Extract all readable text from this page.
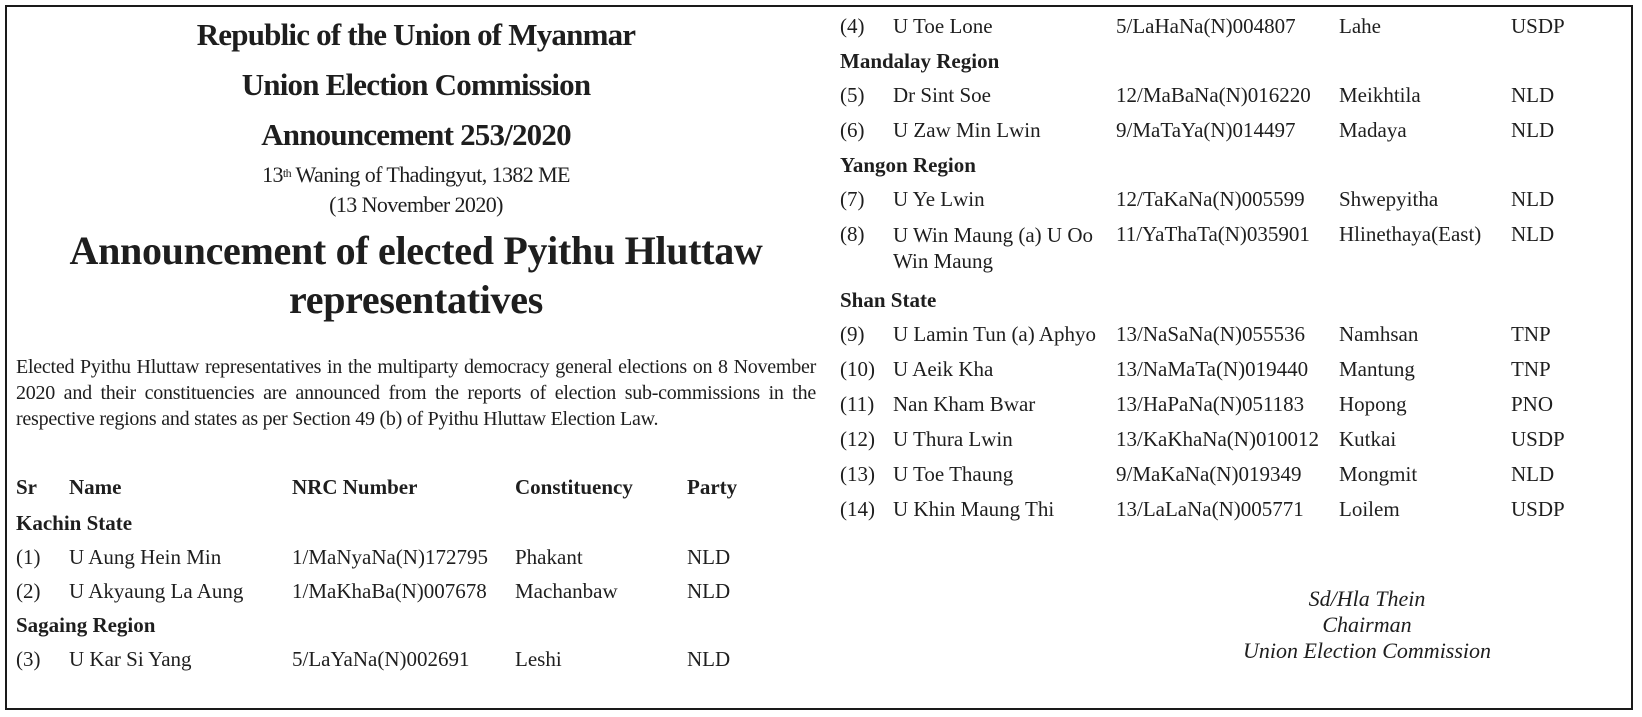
Republic of the Union of Myanmar
Union Election Commission
Announcement 253/2020
13th Waning of Thadingyut, 1382 ME
(13 November 2020)
Announcement of elected Pyithu Hluttaw representatives
Elected Pyithu Hluttaw representatives in the multiparty democracy general elections on 8 November 2020 and their constituencies are announced from the reports of election sub-commissions in the respective regions and states as per Section 49 (b) of Pyithu Hluttaw Election Law.
Sr	Name	NRC Number	Constituency	Party
Kachin State				
(1)	U Aung Hein Min	1/MaNyaNa(N)172795	Phakant	NLD
(2)	U Akyaung La Aung	1/MaKhaBa(N)007678	Machanbaw	NLD
Sagaing Region				
(3)	U Kar Si Yang	5/LaYaNa(N)002691	Leshi	NLD
(4)	U Toe Lone	5/LaHaNa(N)004807	Lahe	USDP
Mandalay Region				
(5)	Dr Sint Soe	12/MaBaNa(N)016220	Meikhtila	NLD
(6)	U Zaw Min Lwin	9/MaTaYa(N)014497	Madaya	NLD
Yangon Region				
(7)	U Ye Lwin	12/TaKaNa(N)005599	Shwepyitha	NLD
(8)	U Win Maung (a) U Oo Win Maung	11/YaThaTa(N)035901	Hlinethaya(East)	NLD
Shan State				
(9)	U Lamin Tun (a) Aphyo	13/NaSaNa(N)055536	Namhsan	TNP
(10)	U Aeik Kha	13/NaMaTa(N)019440	Mantung	TNP
(11)	Nan Kham Bwar	13/HaPaNa(N)051183	Hopong	PNO
(12)	U Thura Lwin	13/KaKhaNa(N)010012	Kutkai	USDP
(13)	U Toe Thaung	9/MaKaNa(N)019349	Mongmit	NLD
(14)	U Khin Maung Thi	13/LaLaNa(N)005771	Loilem	USDP
Sd/Hla Thein
Chairman
Union Election Commission
